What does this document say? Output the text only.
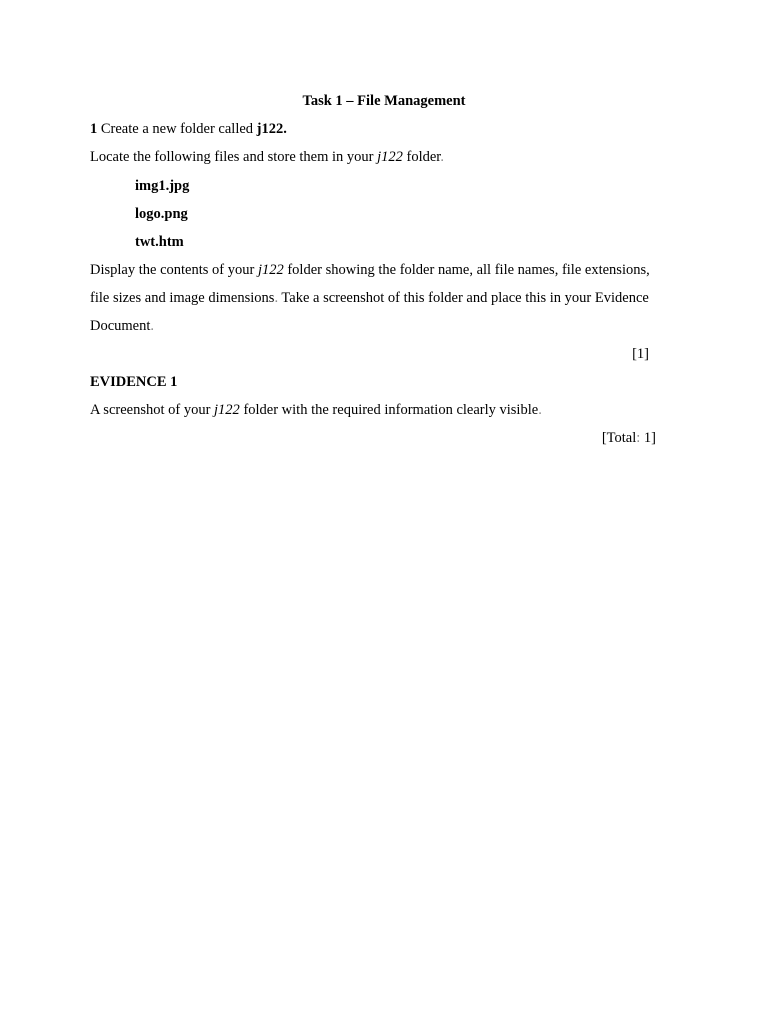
Task 1 – File Management
1 Create a new folder called j122.
Locate the following files and store them in your j122 folder.
img1.jpg
logo.png
twt.htm
Display the contents of your j122 folder showing the folder name, all file names, file extensions,
file sizes and image dimensions. Take a screenshot of this folder and place this in your Evidence
Document.
[1]
EVIDENCE 1
A screenshot of your j122 folder with the required information clearly visible.
[Total: 1]
